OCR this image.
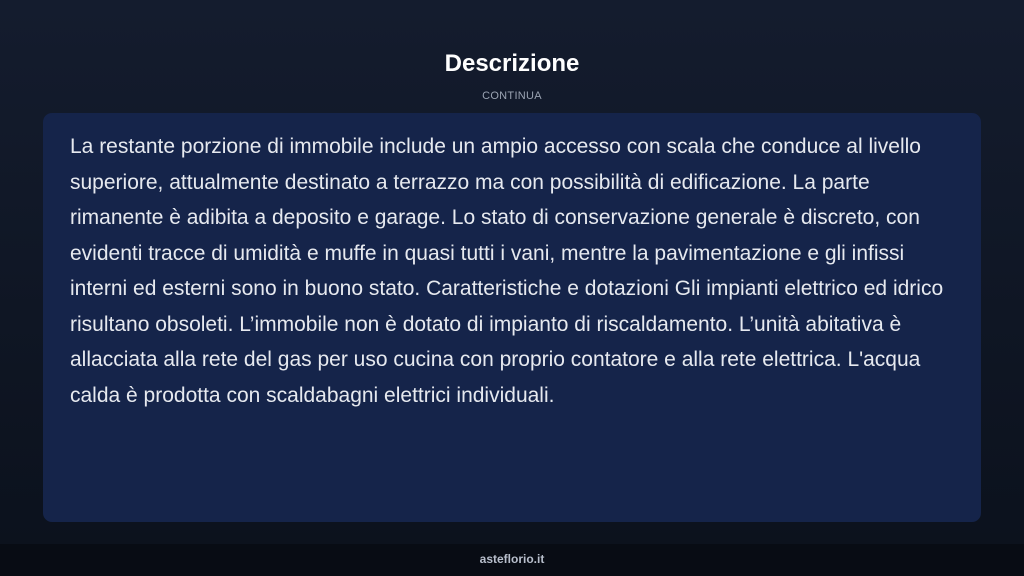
Descrizione
CONTINUA

La restante porzione di immobile include un ampio accesso con scala che conduce al livello superiore, attualmente destinato a terrazzo ma con possibilità di edificazione. La parte rimanente è adibita a deposito e garage. Lo stato di conservazione generale è discreto, con evidenti tracce di umidità e muffe in quasi tutti i vani, mentre la pavimentazione e gli infissi interni ed esterni sono in buono stato. Caratteristiche e dotazioni Gli impianti elettrico ed idrico risultano obsoleti. L’immobile non è dotato di impianto di riscaldamento. L’unità abitativa è allacciata alla rete del gas per uso cucina con proprio contatore e alla rete elettrica. L'acqua calda è prodotta con scaldabagni elettrici individuali.

asteflorio.it
